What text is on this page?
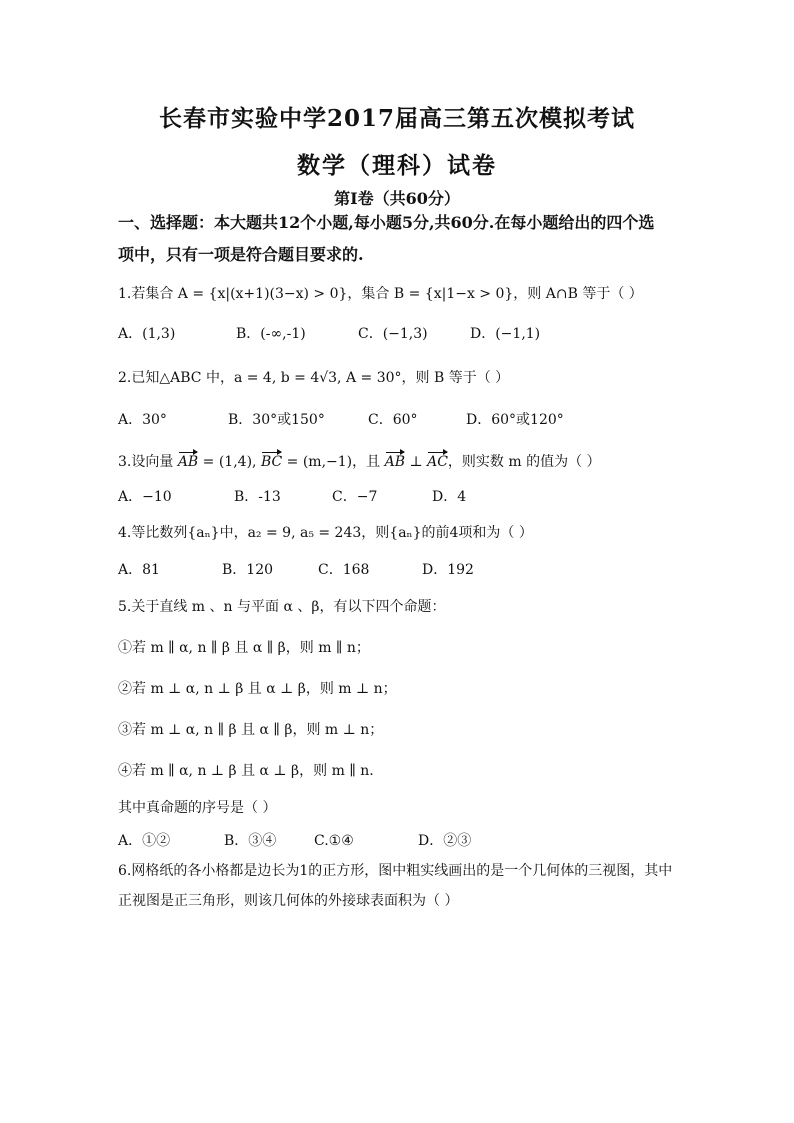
长春市实验中学2017届高三第五次模拟考试
数学（理科）试卷
第Ⅰ卷（共60分）
一、选择题：本大题共12个小题,每小题5分,共60分.在每小题给出的四个选
项中，只有一项是符合题目要求的.
1.若集合 A = {x|(x+1)(3−x) > 0}，集合 B = {x|1−x > 0}，则 A∩B 等于（ ）
A．(1,3)	B．(-∞,-1)	C．(−1,3)	D．(−1,1)
2.已知△ABC 中，a = 4, b = 4√3, A = 30°，则 B 等于（ ）
A．30°	B．30°或150°	C．60°	D．60°或120°
3.设向量 AB = (1,4), BC = (m,−1)，且 AB ⊥ AC，则实数 m 的值为（ ）
A．−10	B．-13	C．−7	D．4
4.等比数列{aₙ}中，a₂ = 9, a₅ = 243，则{aₙ}的前4项和为（ ）
A．81	B．120	C．168	D．192
5.关于直线 m 、n 与平面 α 、β，有以下四个命题：
①若 m ∥ α, n ∥ β 且 α ∥ β，则 m ∥ n；
②若 m ⊥ α, n ⊥ β 且 α ⊥ β，则 m ⊥ n；
③若 m ⊥ α, n ∥ β 且 α ∥ β，则 m ⊥ n；
④若 m ∥ α, n ⊥ β 且 α ⊥ β，则 m ∥ n.
其中真命题的序号是（ ）
A．①②	B．③④	C.①④	D．②③
6.网格纸的各小格都是边长为1的正方形，图中粗实线画出的是一个几何体的三视图，其中
正视图是正三角形，则该几何体的外接球表面积为（ ）
